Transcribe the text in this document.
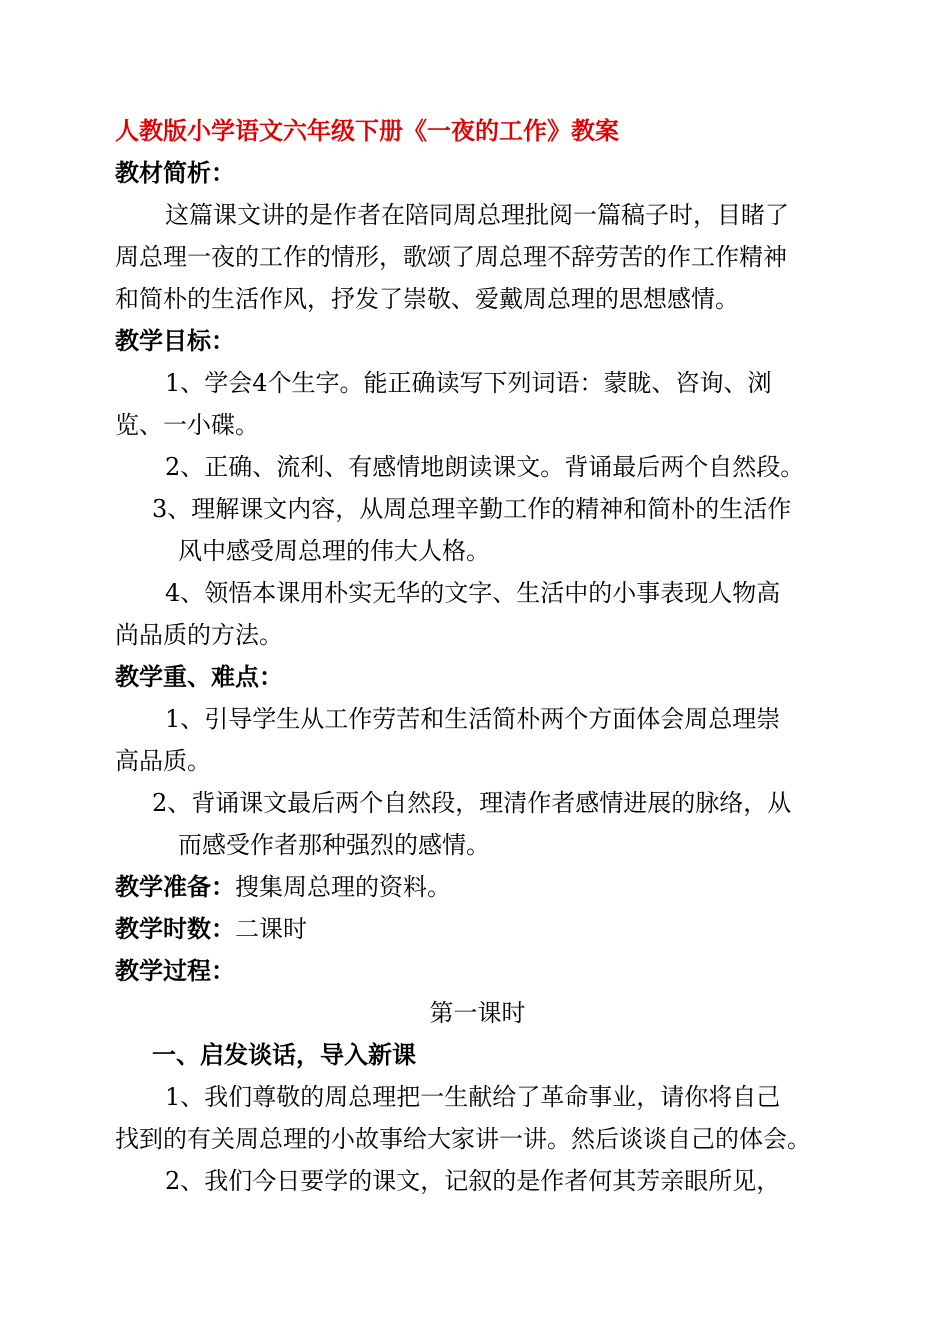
人教版小学语文六年级下册《一夜的工作》教案
教材简析：
这篇课文讲的是作者在陪同周总理批阅一篇稿子时，目睹了
周总理一夜的工作的情形，歌颂了周总理不辞劳苦的作工作精神
和简朴的生活作风，抒发了崇敬、爱戴周总理的思想感情。
教学目标：
1、学会4个生字。能正确读写下列词语：蒙眬、咨询、浏
览、一小碟。
2、正确、流利、有感情地朗读课文。背诵最后两个自然段。
3、理解课文内容，从周总理辛勤工作的精神和简朴的生活作
风中感受周总理的伟大人格。
4、领悟本课用朴实无华的文字、生活中的小事表现人物高
尚品质的方法。
教学重、难点：
1、引导学生从工作劳苦和生活简朴两个方面体会周总理崇
高品质。
2、背诵课文最后两个自然段，理清作者感情进展的脉络，从
而感受作者那种强烈的感情。
教学准备：搜集周总理的资料。
教学时数：二课时
教学过程：
第一课时
一、启发谈话，导入新课
1、我们尊敬的周总理把一生献给了革命事业，请你将自己
找到的有关周总理的小故事给大家讲一讲。然后谈谈自己的体会。
2、我们今日要学的课文，记叙的是作者何其芳亲眼所见，
